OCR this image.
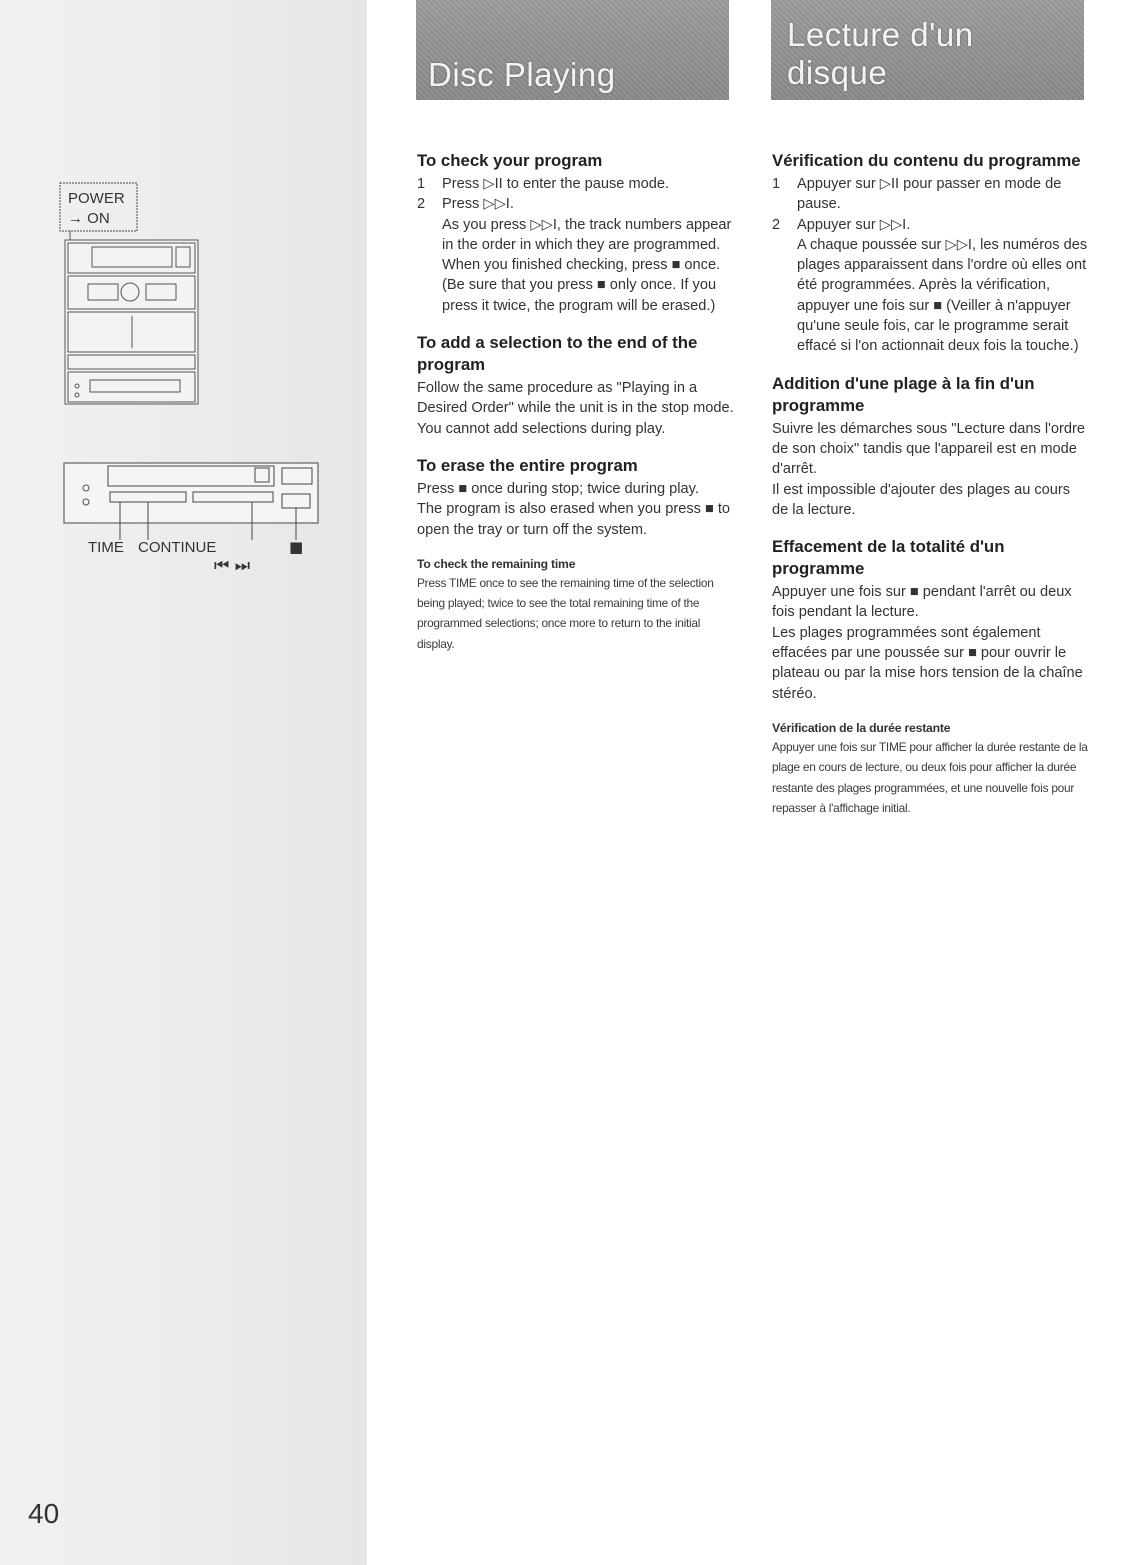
POWER
→ ON
TIME CONTINUE	■
⏮ ⏭
Disc Playing
Lecture d'un
disque
To check your program
1	Press ▷II to enter the pause mode.
2	Press ▷▷I.

As you press ▷▷I, the track numbers appear in the order in which they are programmed.

When you finished checking, press ■ once. (Be sure that you press ■ only once. If you press it twice, the program will be erased.)

To add a selection to the end of the program

Follow the same procedure as "Playing in a Desired Order" while the unit is in the stop mode.

You cannot add selections during play.

To erase the entire program

Press ■ once during stop; twice during play.

The program is also erased when you press ■ to open the tray or turn off the system.

To check the remaining time

Press TIME once to see the remaining time of the selection being played; twice to see the total remaining time of the programmed selections; once more to return to the initial display.

Vérification du contenu du programme
1	Appuyer sur ▷II pour passer en mode de pause.
2	Appuyer sur ▷▷I.

A chaque poussée sur ▷▷I, les numéros des plages apparaissent dans l'ordre où elles ont été programmées. Après la vérification, appuyer une fois sur ■ (Veiller à n'appuyer qu'une seule fois, car le programme serait effacé si l'on actionnait deux fois la touche.)

Addition d'une plage à la fin d'un programme

Suivre les démarches sous "Lecture dans l'ordre de son choix" tandis que l'appareil est en mode d'arrêt.

Il est impossible d'ajouter des plages au cours de la lecture.

Effacement de la totalité d'un programme

Appuyer une fois sur ■ pendant l'arrêt ou deux fois pendant la lecture.

Les plages programmées sont également effacées par une poussée sur ■ pour ouvrir le plateau ou par la mise hors tension de la chaîne stéréo.

Vérification de la durée restante

Appuyer une fois sur TIME pour afficher la durée restante de la plage en cours de lecture, ou deux fois pour afficher la durée restante des plages programmées, et une nouvelle fois pour repasser à l'affichage initial.

40
